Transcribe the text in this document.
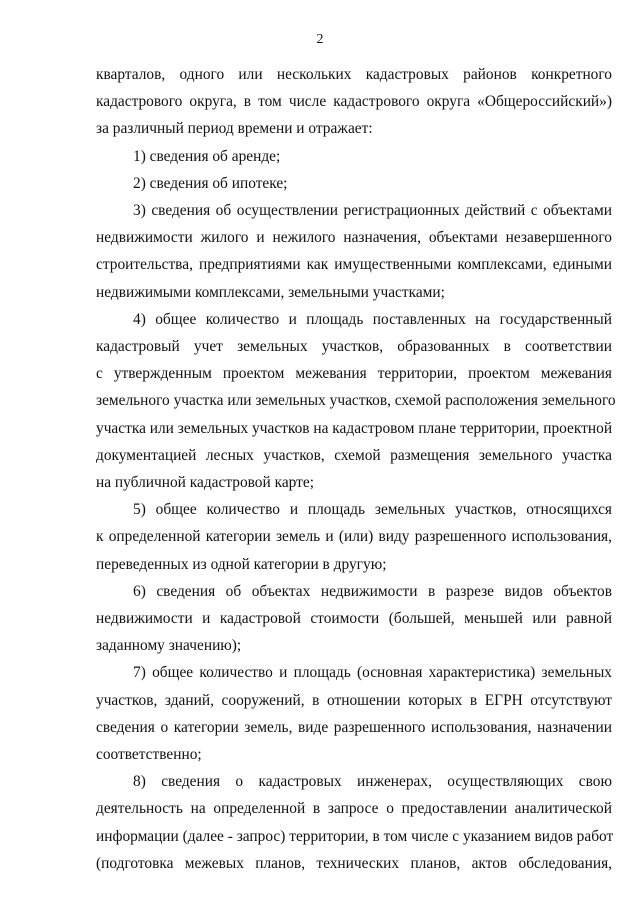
2
кварталов, одного или нескольких кадастровых районов конкретного
кадастрового округа, в том числе кадастрового округа «Общероссийский»)
за различный период времени и отражает:
1) сведения об аренде;
2) сведения об ипотеке;
3) сведения об осуществлении регистрационных действий с объектами
недвижимости жилого и нежилого назначения, объектами незавершенного
строительства, предприятиями как имущественными комплексами, едиными
недвижимыми комплексами, земельными участками;
4) общее количество и площадь поставленных на государственный
кадастровый учет земельных участков, образованных в соответствии
с утвержденным проектом межевания территории, проектом межевания
земельного участка или земельных участков, схемой расположения земельного
участка или земельных участков на кадастровом плане территории, проектной
документацией лесных участков, схемой размещения земельного участка
на публичной кадастровой карте;
5) общее количество и площадь земельных участков, относящихся
к определенной категории земель и (или) виду разрешенного использования,
переведенных из одной категории в другую;
6) сведения об объектах недвижимости в разрезе видов объектов
недвижимости и кадастровой стоимости (большей, меньшей или равной
заданному значению);
7) общее количество и площадь (основная характеристика) земельных
участков, зданий, сооружений, в отношении которых в ЕГРН отсутствуют
сведения о категории земель, виде разрешенного использования, назначении
соответственно;
8) сведения о кадастровых инженерах, осуществляющих свою
деятельность на определенной в запросе о предоставлении аналитической
информации (далее - запрос) территории, в том числе с указанием видов работ
(подготовка межевых планов, технических планов, актов обследования,
